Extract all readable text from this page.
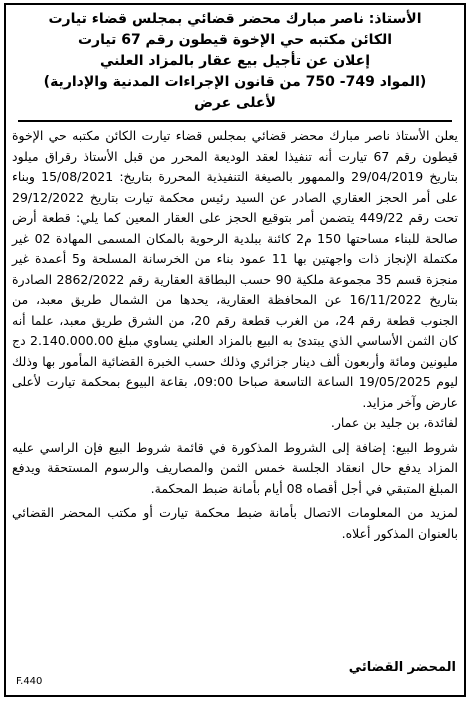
الأستاذ: ناصر مبارك محضر قضائي بمجلس قضاء تيارت
الكائن مكتبه حي الإخوة قيطون رقم 67 تيارت
إعلان عن تأجيل بيع عقار بالمزاد العلني
(المواد 749- 750 من قانون الإجراءات المدنية والإدارية)
لأعلى عرض

يعلن الأستاذ ناصر مبارك محضر قضائي بمجلس قضاء تيارت الكائن مكتبه حي الإخوة قيطون رقم 67 تيارت أنه تنفيذا لعقد الوديعة المحرر من قبل الأستاذ رقراق ميلود بتاريخ 29/04/2019 والممهور بالصيغة التنفيذية المحررة بتاريخ: 15/08/2021 وبناء على أمر الحجز العقاري الصادر عن السيد رئيس محكمة تيارت بتاريخ 29/12/2022 تحت رقم 449/22 يتضمن أمر بتوقيع الحجز على العقار المعين كما يلي: قطعة أرض صالحة للبناء مساحتها 150 م2 كائنة ببلدية الرحوية بالمكان المسمى المهادة 02 غير مكتملة الإنجاز ذات واجهتين بها 11 عمود بناء من الخرسانة المسلحة و5 أعمدة غير منجزة قسم 35 مجموعة ملكية 90 حسب البطاقة العقارية رقم 2862/2022 الصادرة بتاريخ 16/11/2022 عن المحافظة العقارية، يحدها من الشمال طريق معبد، من الجنوب قطعة رقم 24، من الغرب قطعة رقم 20، من الشرق طريق معبد، علما أنه كان الثمن الأساسي الذي يبتدئ به البيع بالمزاد العلني يساوي مبلغ 2.140.000.00 دج مليونين ومائة وأربعون ألف دينار جزائري وذلك حسب الخبرة القضائية المأمور بها وذلك ليوم 19/05/2025 الساعة التاسعة صباحا 09:00، بقاعة البيوع بمحكمة تيارت لأعلى عارض وآخر مزايد.

لفائدة، بن جليد بن عمار.

شروط البيع: إضافة إلى الشروط المذكورة في قائمة شروط البيع فإن الراسي عليه المزاد يدفع حال انعقاد الجلسة خمس الثمن والمصاريف والرسوم المستحقة ويدفع المبلغ المتبقي في أجل أقصاه 08 أيام بأمانة ضبط المحكمة.

لمزيد من المعلومات الاتصال بأمانة ضبط محكمة تيارت أو مكتب المحضر القضائي بالعنوان المذكور أعلاه.

المحضر القضائي
F.440
